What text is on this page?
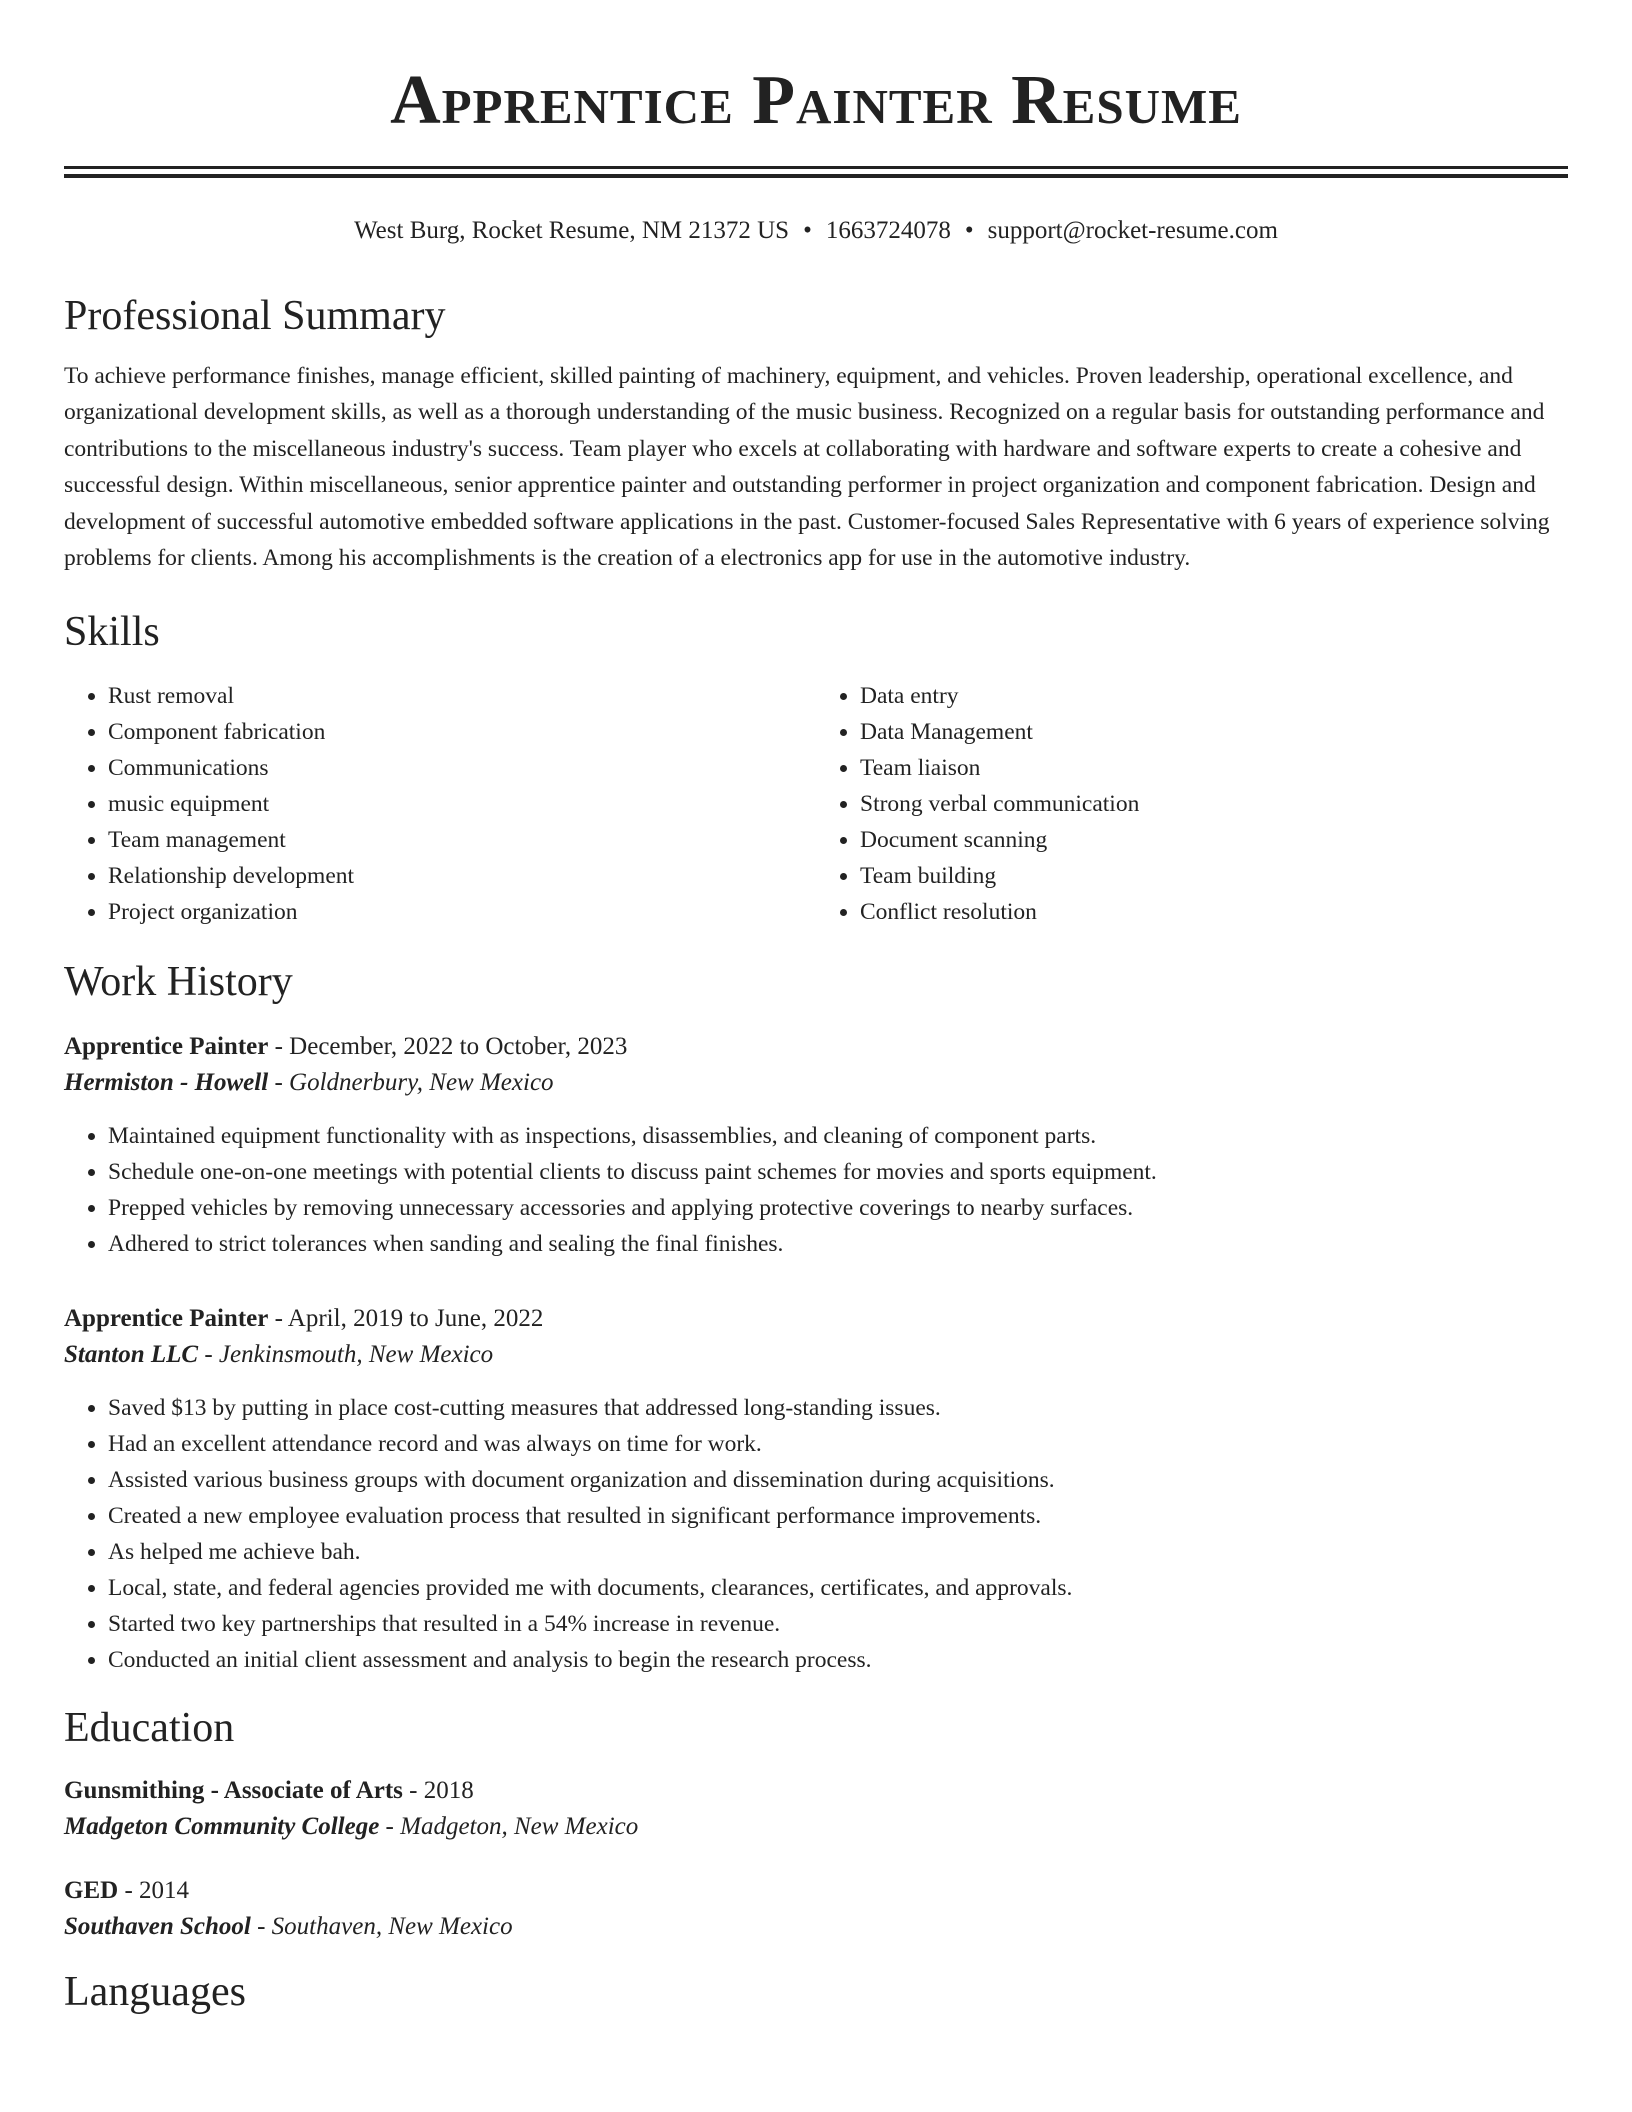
Apprentice Painter Resume
West Burg, Rocket Resume, NM 21372 US • 1663724078 • support@rocket-resume.com
Professional Summary

To achieve performance finishes, manage efficient, skilled painting of machinery, equipment, and vehicles. Proven leadership, operational excellence, and organizational development skills, as well as a thorough understanding of the music business. Recognized on a regular basis for outstanding performance and contributions to the miscellaneous industry's success. Team player who excels at collaborating with hardware and software experts to create a cohesive and successful design. Within miscellaneous, senior apprentice painter and outstanding performer in project organization and component fabrication. Design and development of successful automotive embedded software applications in the past. Customer-focused Sales Representative with 6 years of experience solving problems for clients. Among his accomplishments is the creation of a electronics app for use in the automotive industry.

Skills
• Rust removal
• Component fabrication
• Communications
• music equipment
• Team management
• Relationship development
• Project organization
• Data entry
• Data Management
• Team liaison
• Strong verbal communication
• Document scanning
• Team building
• Conflict resolution
Work History
Apprentice Painter - December, 2022 to October, 2023
Hermiston - Howell - Goldnerbury, New Mexico
• Maintained equipment functionality with as inspections, disassemblies, and cleaning of component parts.
• Schedule one-on-one meetings with potential clients to discuss paint schemes for movies and sports equipment.
• Prepped vehicles by removing unnecessary accessories and applying protective coverings to nearby surfaces.
• Adhered to strict tolerances when sanding and sealing the final finishes.
Apprentice Painter - April, 2019 to June, 2022
Stanton LLC - Jenkinsmouth, New Mexico
• Saved $13 by putting in place cost-cutting measures that addressed long-standing issues.
• Had an excellent attendance record and was always on time for work.
• Assisted various business groups with document organization and dissemination during acquisitions.
• Created a new employee evaluation process that resulted in significant performance improvements.
• As helped me achieve bah.
• Local, state, and federal agencies provided me with documents, clearances, certificates, and approvals.
• Started two key partnerships that resulted in a 54% increase in revenue.
• Conducted an initial client assessment and analysis to begin the research process.
Education
Gunsmithing - Associate of Arts - 2018
Madgeton Community College - Madgeton, New Mexico
GED - 2014
Southaven School - Southaven, New Mexico
Languages
